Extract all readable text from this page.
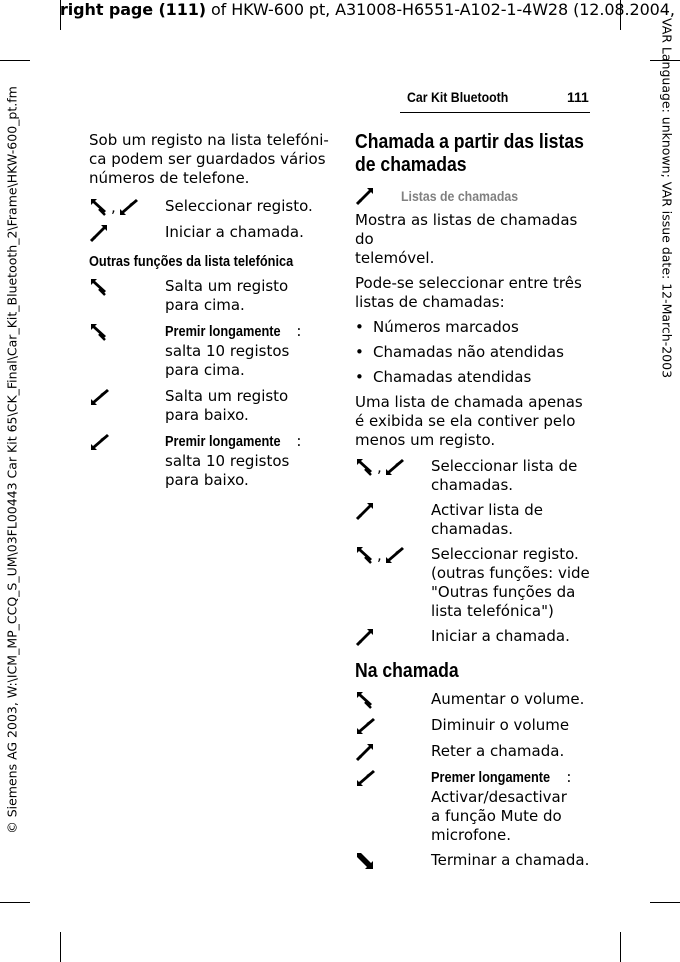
right page (111) of HKW-600 pt, A31008-H6551-A102-1-4W28 (12.08.2004,
© Siemens AG 2003, W:\ICM_MP_CCQ_S_UM\03FL00443 Car Kit 65\CK_Final\Car_Kit_Bluetooth_2\Frame\HKW-600_pt.fm	VAR Language: unknown; VAR issue date: 12-March-2003
Car Kit Bluetooth	111
Sob um registo na lista telefóni-
ca podem ser guardados vários
números de telefone.
,	Seleccionar registo.
Iniciar a chamada.
Outras funções da lista telefónica
Salta um registo
para cima.
Premir longamente :
salta 10 registos
para cima.
Salta um registo
para baixo.
Premir longamente :
salta 10 registos
para baixo.
Chamada a partir das listas
de chamadas
Listas de chamadas
Mostra as listas de chamadas do
telemóvel.
Pode-se seleccionar entre três
listas de chamadas:
• Números marcados
• Chamadas não atendidas
• Chamadas atendidas
Uma lista de chamada apenas
é exibida se ela contiver pelo
menos um registo.
,	Seleccionar lista de
chamadas.
Activar lista de
chamadas.
,	Seleccionar registo.
(outras funções: vide
"Outras funções da
lista telefónica")
Iniciar a chamada.
Na chamada
Aumentar o volume.
Diminuir o volume
Reter a chamada.
Premer longamente :
Activar/desactivar
a função Mute do
microfone.
Terminar a chamada.
